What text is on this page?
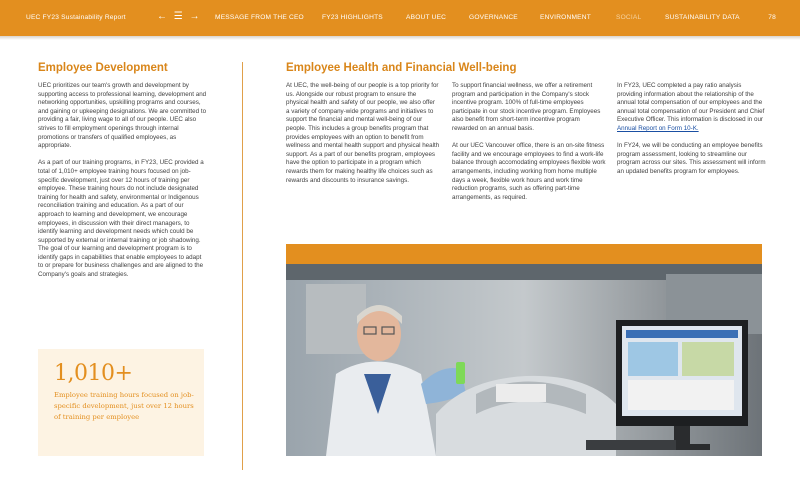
UEC FY23 Sustainability Report	← ☰ → MESSAGE FROM THE CEO	FY23 HIGHLIGHTS	ABOUT UEC	GOVERNANCE	ENVIRONMENT	SOCIAL	SUSTAINABILITY DATA	78
Employee Development

UEC prioritizes our team's growth and development by supporting access to professional learning, development and networking opportunities, upskilling programs and courses, and gaining or upkeeping designations. We are committed to providing a fair, living wage to all of our people. UEC also strives to fill employment openings through internal promotions or transfers of qualified employees, as appropriate.

As a part of our training programs, in FY23, UEC provided a total of 1,010+ employee training hours focused on job-specific development, just over 12 hours of training per employee. These training hours do not include designated training for health and safety, environmental or Indigenous reconciliation training and education. As a part of our approach to learning and development, we encourage employees, in discussion with their direct managers, to identify learning and development needs which could be supported by external or internal training or job shadowing. The goal of our learning and development program is to identify gaps in capabilities that enable employees to adapt to or prepare for business challenges and are aligned to the Company's goals and strategies.

1,010+
Employee training hours focused on job-specific development, just over 12 hours of training per employee
Employee Health and Financial Well-being

At UEC, the well-being of our people is a top priority for us. Alongside our robust program to ensure the physical health and safety of our people, we also offer a variety of company-wide programs and initiatives to support the financial and mental well-being of our people. This includes a group benefits program that provides employees with an option to benefit from wellness and mental health support and physical health support. As a part of our benefits program, employees have the option to participate in a program which rewards them for making healthy life choices such as rewards and discounts to insurance savings.

To support financial wellness, we offer a retirement program and participation in the Company's stock incentive program. 100% of full-time employees participate in our stock incentive program. Employees also benefit from short-term incentive program rewarded on an annual basis.

At our UEC Vancouver office, there is an on-site fitness facility and we encourage employees to find a work-life balance through accomodating employees flexible work arrangements, including working from home multiple days a week, flexible work hours and work time reduction programs, such as offering part-time arrangements, as required.

In FY23, UEC completed a pay ratio analysis providing information about the relationship of the annual total compensation of our employees and the annual total compensation of our President and Chief Executive Officer. This information is disclosed in our Annual Report on Form 10-K.

In FY24, we will be conducting an employee benefits program assessment, looking to streamline our program across our sites. This assessment will inform an updated benefits program for employees.
